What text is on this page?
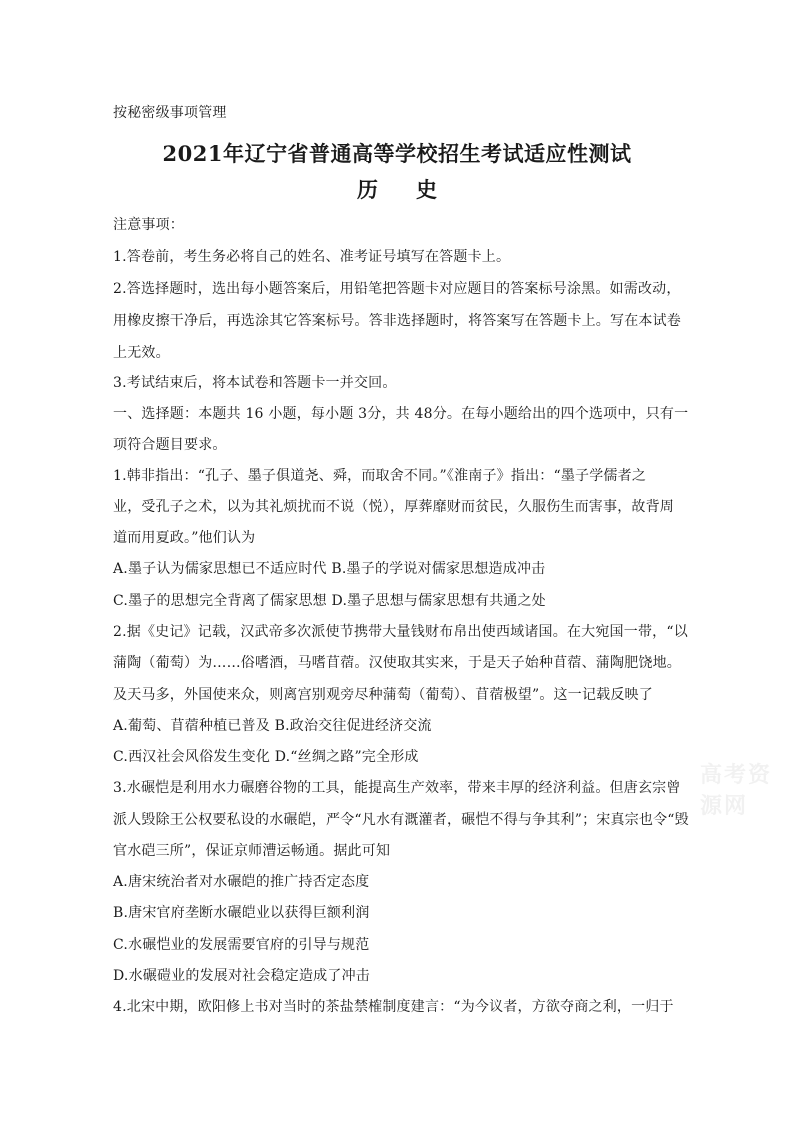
按秘密级事项管理
2021年辽宁省普通高等学校招生考试适应性测试
历 史
注意事项：
1.答卷前，考生务必将自己的姓名、准考证号填写在答题卡上。
2.答选择题时，选出每小题答案后，用铅笔把答题卡对应题目的答案标号涂黑。如需改动，
用橡皮擦干净后，再选涂其它答案标号。答非选择题时，将答案写在答题卡上。写在本试卷
上无效。
3.考试结束后，将本试卷和答题卡一并交回。
一、选择题：本题共 16 小题，每小题 3分，共 48分。在每小题给出的四个选项中，只有一
项符合题目要求。
1.韩非指出：“孔子、墨子俱道尧、舜，而取舍不同。”《淮南子》指出：“墨子学儒者之
业，受孔子之术，以为其礼烦扰而不说（悦），厚葬靡财而贫民，久服伤生而害事，故背周
道而用夏政。”他们认为
A.墨子认为儒家思想已不适应时代 B.墨子的学说对儒家思想造成冲击
C.墨子的思想完全背离了儒家思想 D.墨子思想与儒家思想有共通之处
2.据《史记》记载，汉武帝多次派使节携带大量钱财布帛出使西域诸国。在大宛国一带，“以
蒲陶（葡萄）为……俗嗜酒，马嗜苜蓿。汉使取其实来，于是天子始种苜蓿、蒲陶肥饶地。
及天马多，外国使来众，则离宫别观旁尽种蒲萄（葡萄）、苜蓿极望”。这一记载反映了
A.葡萄、苜蓿种植已普及 B.政治交往促进经济交流
C.西汉社会风俗发生变化 D.“丝绸之路”完全形成
3.水碾恺是利用水力碾磨谷物的工具，能提高生产效率，带来丰厚的经济利益。但唐玄宗曾
派人毁除王公权要私设的水碾皑，严令“凡水有溉灌者，碾恺不得与争其利”；宋真宗也令“毁
官水硙三所”，保证京师漕运畅通。据此可知
A.唐宋统治者对水碾皑的推广持否定态度
B.唐宋官府垄断水碾皑业以获得巨额利润
C.水碾恺业的发展需要官府的引导与规范
D.水碾磑业的发展对社会稳定造成了冲击
4.北宋中期，欧阳修上书对当时的茶盐禁榷制度建言：“为今议者，方欲夺商之利，一归于
高考资源网
